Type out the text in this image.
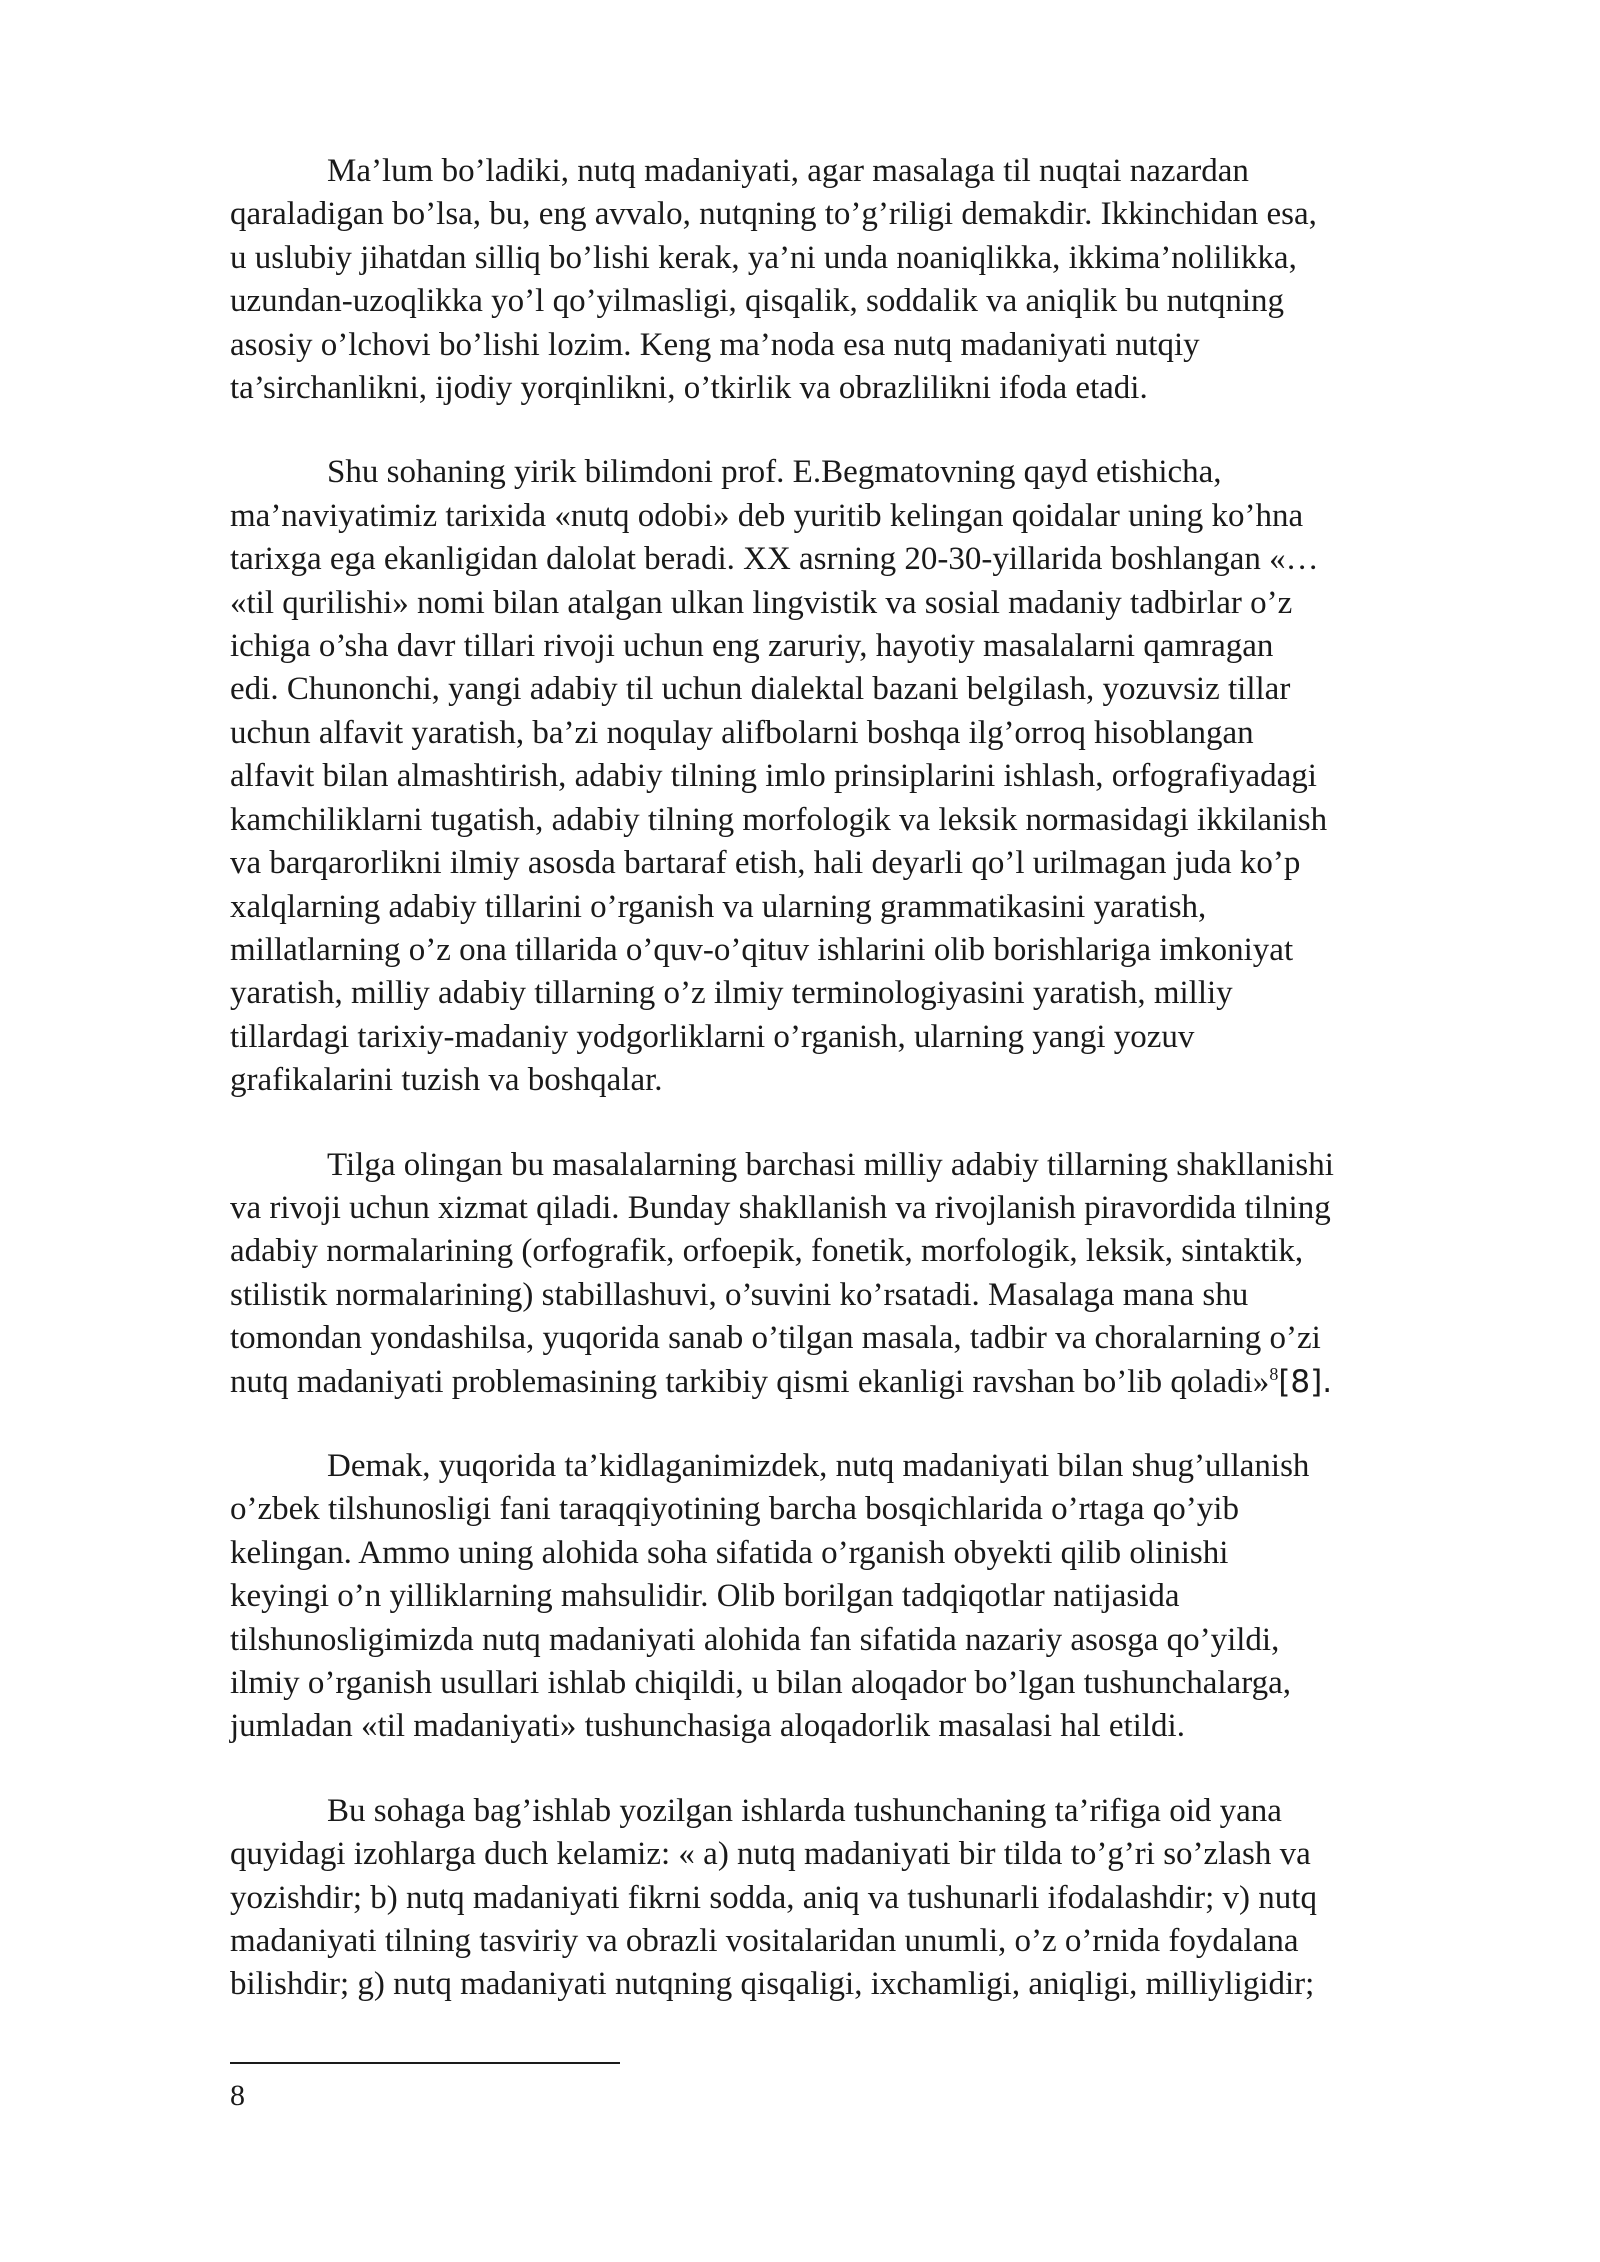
Ma’lum bo’ladiki, nutq madaniyati, agar masalaga til nuqtai nazardan
qaraladigan bo’lsa, bu, eng avvalo, nutqning to’g’riligi demakdir. Ikkinchidan esa,
u uslubiy jihatdan silliq bo’lishi kerak, ya’ni unda noaniqlikka, ikkima’nolilikka,
uzundan-uzoqlikka yo’l qo’yilmasligi, qisqalik, soddalik va aniqlik bu nutqning
asosiy o’lchovi bo’lishi lozim. Keng ma’noda esa nutq madaniyati nutqiy
ta’sirchanlikni, ijodiy yorqinlikni, o’tkirlik va obrazlilikni ifoda etadi.
Shu sohaning yirik bilimdoni prof. E.Begmatovning qayd etishicha,
ma’naviyatimiz tarixida «nutq odobi» deb yuritib kelingan qoidalar uning ko’hna
tarixga ega ekanligidan dalolat beradi. XX asrning 20-30-yillarida boshlangan «…
«til qurilishi» nomi bilan atalgan ulkan lingvistik va sosial madaniy tadbirlar o’z
ichiga o’sha davr tillari rivoji uchun eng zaruriy, hayotiy masalalarni qamragan
edi. Chunonchi, yangi adabiy til uchun dialektal bazani belgilash, yozuvsiz tillar
uchun alfavit yaratish, ba’zi noqulay alifbolarni boshqa ilg’orroq hisoblangan
alfavit bilan almashtirish, adabiy tilning imlo prinsiplarini ishlash, orfografiyadagi
kamchiliklarni tugatish, adabiy tilning morfologik va leksik normasidagi ikkilanish
va barqarorlikni ilmiy asosda bartaraf etish, hali deyarli qo’l urilmagan juda ko’p
xalqlarning adabiy tillarini o’rganish va ularning grammatikasini yaratish,
millatlarning o’z ona tillarida o’quv-o’qituv ishlarini olib borishlariga imkoniyat
yaratish, milliy adabiy tillarning o’z ilmiy terminologiyasini yaratish, milliy
tillardagi tarixiy-madaniy yodgorliklarni o’rganish, ularning yangi yozuv
grafikalarini tuzish va boshqalar.
Tilga olingan bu masalalarning barchasi milliy adabiy tillarning shakllanishi
va rivoji uchun xizmat qiladi. Bunday shakllanish va rivojlanish piravordida tilning
adabiy normalarining (orfografik, orfoepik, fonetik, morfologik, leksik, sintaktik,
stilistik normalarining) stabillashuvi, o’suvini ko’rsatadi. Masalaga mana shu
tomondan yondashilsa, yuqorida sanab o’tilgan masala, tadbir va choralarning o’zi
nutq madaniyati problemasining tarkibiy qismi ekanligi ravshan bo’lib qoladi»$^8$[8].
Demak, yuqorida ta’kidlaganimizdek, nutq madaniyati bilan shug’ullanish
o’zbek tilshunosligi fani taraqqiyotining barcha bosqichlarida o’rtaga qo’yib
kelingan. Ammo uning alohida soha sifatida o’rganish obyekti qilib olinishi
keyingi o’n yilliklarning mahsulidir. Olib borilgan tadqiqotlar natijasida
tilshunosligimizda nutq madaniyati alohida fan sifatida nazariy asosga qo’yildi,
ilmiy o’rganish usullari ishlab chiqildi, u bilan aloqador bo’lgan tushunchalarga,
jumladan «til madaniyati» tushunchasiga aloqadorlik masalasi hal etildi.
Bu sohaga bag’ishlab yozilgan ishlarda tushunchaning ta’rifiga oid yana
quyidagi izohlarga duch kelamiz: « a) nutq madaniyati bir tilda to’g’ri so’zlash va
yozishdir; b) nutq madaniyati fikrni sodda, aniq va tushunarli ifodalashdir; v) nutq
madaniyati tilning tasviriy va obrazli vositalaridan unumli, o’z o’rnida foydalana
bilishdir; g) nutq madaniyati nutqning qisqaligi, ixchamligi, aniqligi, milliyligidir;
8
